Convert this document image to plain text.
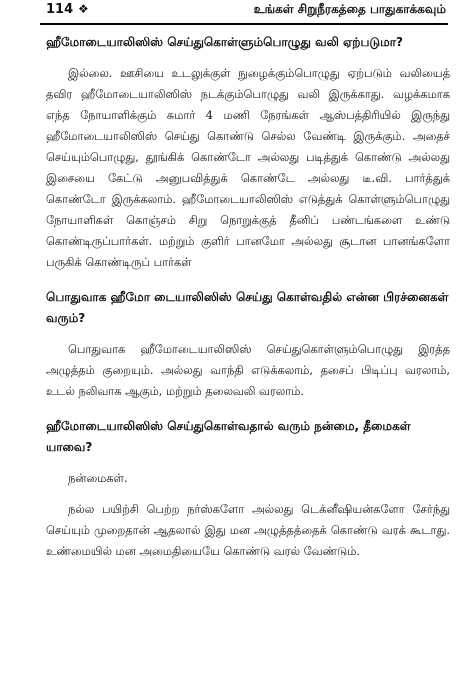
114 ❖	உங்கள் சிறுநீரகத்தை பாதுகாக்கவும்

ஹீமோடையாலிஸிஸ் செய்துகொள்ளும்பொழுது வலி ஏற்படுமா?

இல்லை. ஊசியை உடலுக்குள் நுழைக்கும்பொழுது ஏற்படும் வலியைத் தவிர ஹீமோடையாலிஸிஸ் நடக்கும்பொழுது வலி இருக்காது. வழக்கமாக எந்த நோயாளிக்கும் சுமார் 4 மணி நேரங்கள் ஆஸ்பத்திரியில் இருந்து ஹீமோடையாலிஸிஸ் செய்து கொண்டு செல்ல வேண்டி இருக்கும். அதைச் செய்யும்பொழுது, தூங்கிக் கொண்டோ அல்லது படித்துக் கொண்டு அல்லது இசையை கேட்டு அனுபவித்துக் கொண்டே அல்லது டீ.வி. பார்த்துக் கொண்டோ இருக்கலாம். ஹீமோடையாலிஸிஸ் எடுத்துக் கொள்ளும்பொழுது நோயாளிகள் கொஞ்சம் சிறு நொறுக்குத் தீனிப் பண்டங்களை உண்டு கொண்டிருப்பார்கள். மற்றும் குளிர் பானமோ அல்லது சூடான பானங்களோ பருகிக் கொண்டிருப் பார்கள்

பொதுவாக ஹீமோ டையாலிஸிஸ் செய்து கொள்வதில் என்ன பிரச்னைகள் வரும்?

பொதுவாக ஹீமோடையாலிஸிஸ் செய்துகொள்ளும்பொழுது இரத்த அழுத்தம் குறையும். அல்லது வாந்தி எடுக்கலாம், தசைப் பிடிப்பு வரலாம், உடல் நலிவாக ஆகும், மற்றும் தலைவலி வரலாம்.

ஹீமோடையாலிஸிஸ் செய்துகொள்வதால் வரும் நன்மை, தீமைகள் யாவை?

நன்மைகள்.

நல்ல பயிற்சி பெற்ற நர்ஸ்களோ அல்லது டெக்னீஷியன்களோ சேர்ந்து செய்யும் முறைதான் ஆதலால் இது மன அழுத்தத்தைக் கொண்டு வரக் கூடாது. உண்மையில் மன அமைதியையே கொண்டு வரல் வேண்டும்.
